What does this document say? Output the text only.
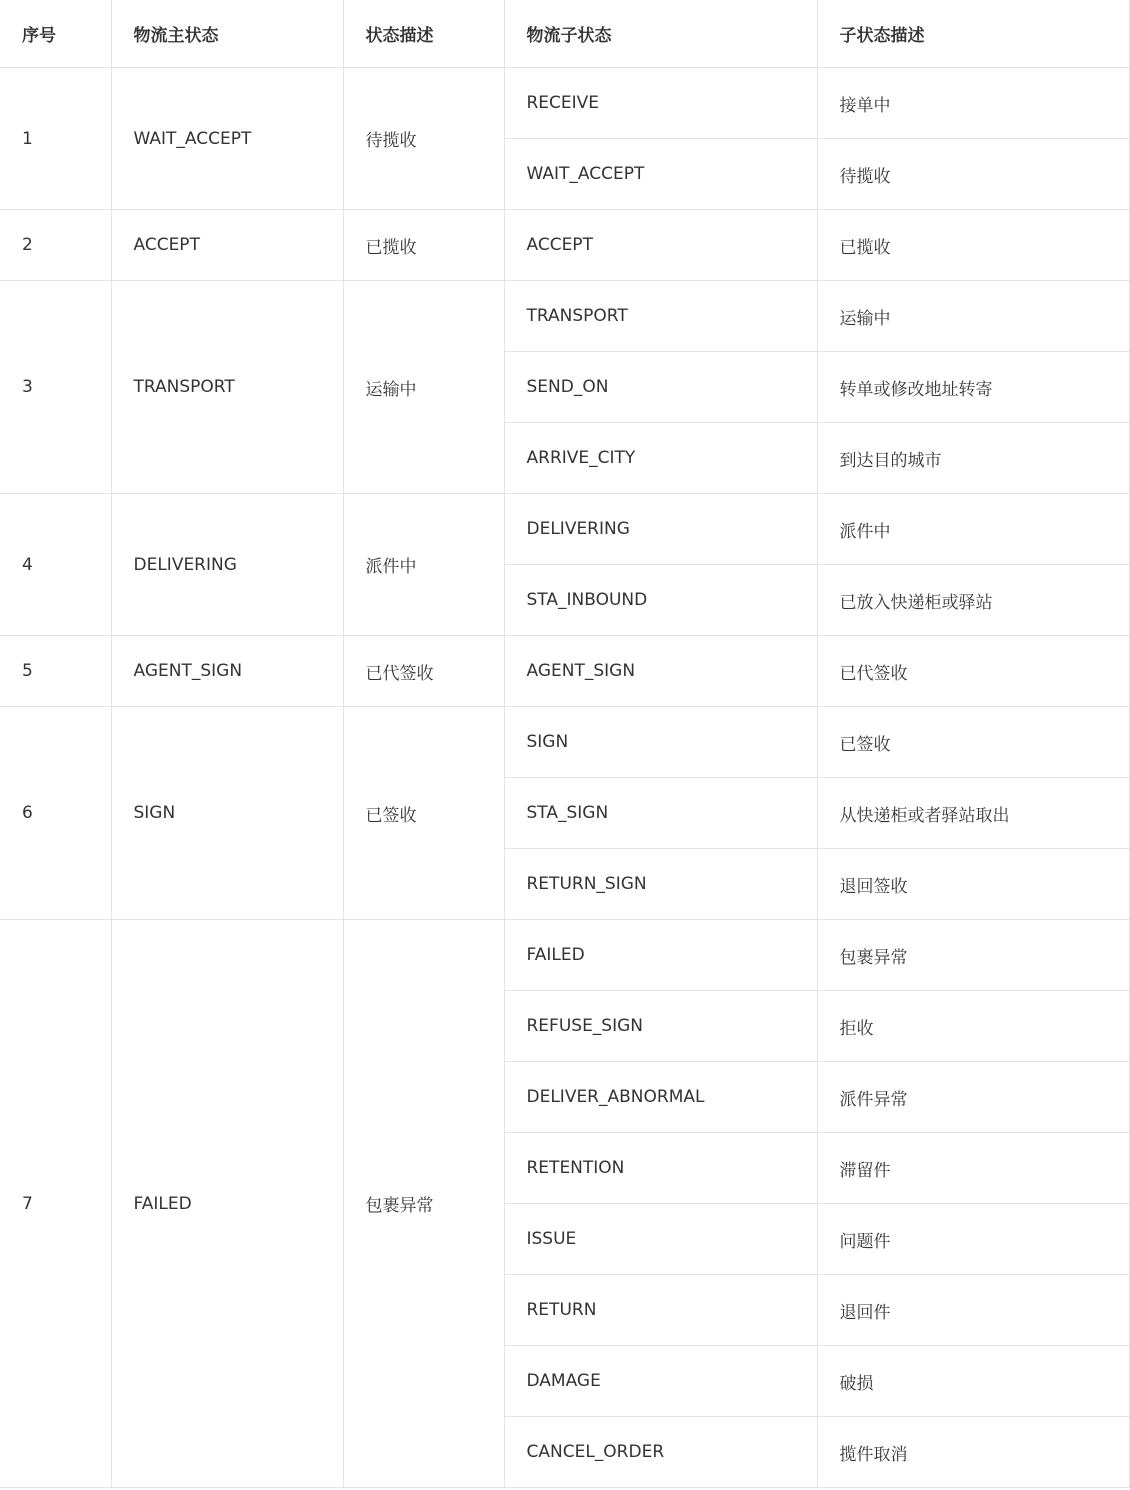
序号	物流主状态	状态描述	物流子状态	子状态描述
1	WAIT_ACCEPT	待揽收	RECEIVE	接单中
			WAIT_ACCEPT	待揽收
2	ACCEPT	已揽收	ACCEPT	已揽收
3	TRANSPORT	运输中	TRANSPORT	运输中
			SEND_ON	转单或修改地址转寄
			ARRIVE_CITY	到达目的城市
4	DELIVERING	派件中	DELIVERING	派件中
			STA_INBOUND	已放入快递柜或驿站
5	AGENT_SIGN	已代签收	AGENT_SIGN	已代签收
6	SIGN	已签收	SIGN	已签收
			STA_SIGN	从快递柜或者驿站取出
			RETURN_SIGN	退回签收
7	FAILED	包裹异常	FAILED	包裹异常
			REFUSE_SIGN	拒收
			DELIVER_ABNORMAL	派件异常
			RETENTION	滞留件
			ISSUE	问题件
			RETURN	退回件
			DAMAGE	破损
			CANCEL_ORDER	揽件取消
